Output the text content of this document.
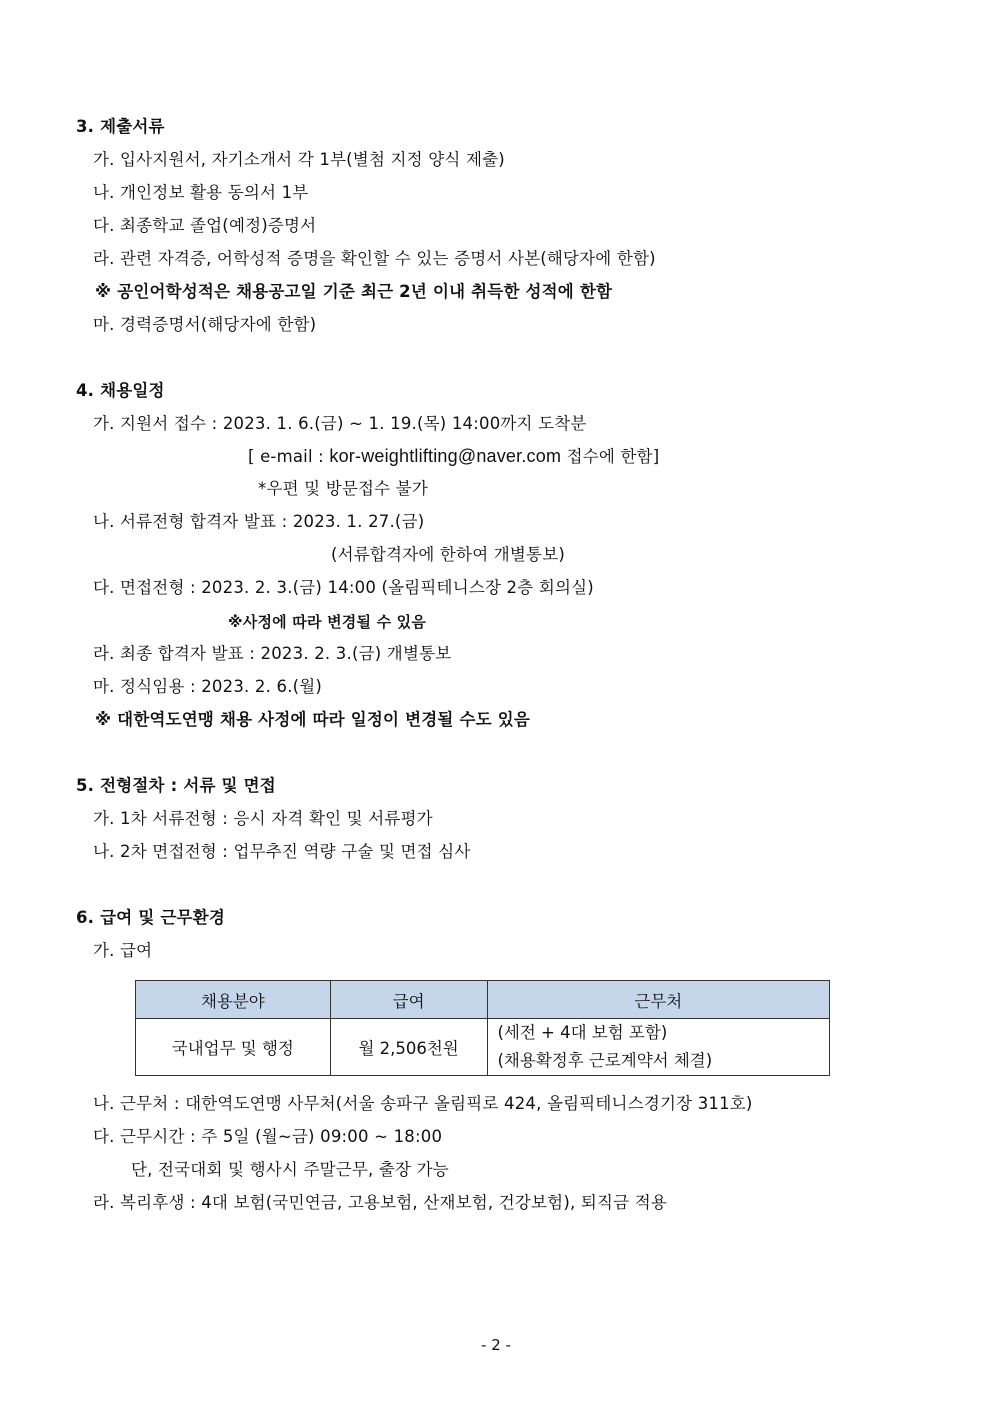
3. 제출서류
가. 입사지원서, 자기소개서 각 1부(별첨 지정 양식 제출)
나. 개인정보 활용 동의서 1부
다. 최종학교 졸업(예정)증명서
라. 관련 자격증, 어학성적 증명을 확인할 수 있는 증명서 사본(해당자에 한함)
※ 공인어학성적은 채용공고일 기준 최근 2년 이내 취득한 성적에 한함
마. 경력증명서(해당자에 한함)
4. 채용일정
가. 지원서 접수 : 2023. 1. 6.(금) ~ 1. 19.(목) 14:00까지 도착분
[ e-mail : kor-weightlifting@naver.com 접수에 한함]
*우편 및 방문접수 불가
나. 서류전형 합격자 발표 : 2023. 1. 27.(금)
(서류합격자에 한하여 개별통보)
다. 면접전형 : 2023. 2. 3.(금) 14:00 (올림픽테니스장 2층 회의실)
※사정에 따라 변경될 수 있음
라. 최종 합격자 발표 : 2023. 2. 3.(금) 개별통보
마. 정식임용 : 2023. 2. 6.(월)
※ 대한역도연맹 채용 사정에 따라 일정이 변경될 수도 있음
5. 전형절차 : 서류 및 면접
가. 1차 서류전형 : 응시 자격 확인 및 서류평가
나. 2차 면접전형 : 업무추진 역량 구술 및 면접 심사
6. 급여 및 근무환경
가. 급여
채용분야	급여	근무처
국내업무 및 행정	월 2,506천원	(세전 + 4대 보험 포함)
(채용확정후 근로계약서 체결)
나. 근무처 : 대한역도연맹 사무처(서울 송파구 올림픽로 424, 올림픽테니스경기장 311호)
다. 근무시간 : 주 5일 (월~금) 09:00 ~ 18:00
단, 전국대회 및 행사시 주말근무, 출장 가능
라. 복리후생 : 4대 보험(국민연금, 고용보험, 산재보험, 건강보험), 퇴직금 적용
- 2 -
